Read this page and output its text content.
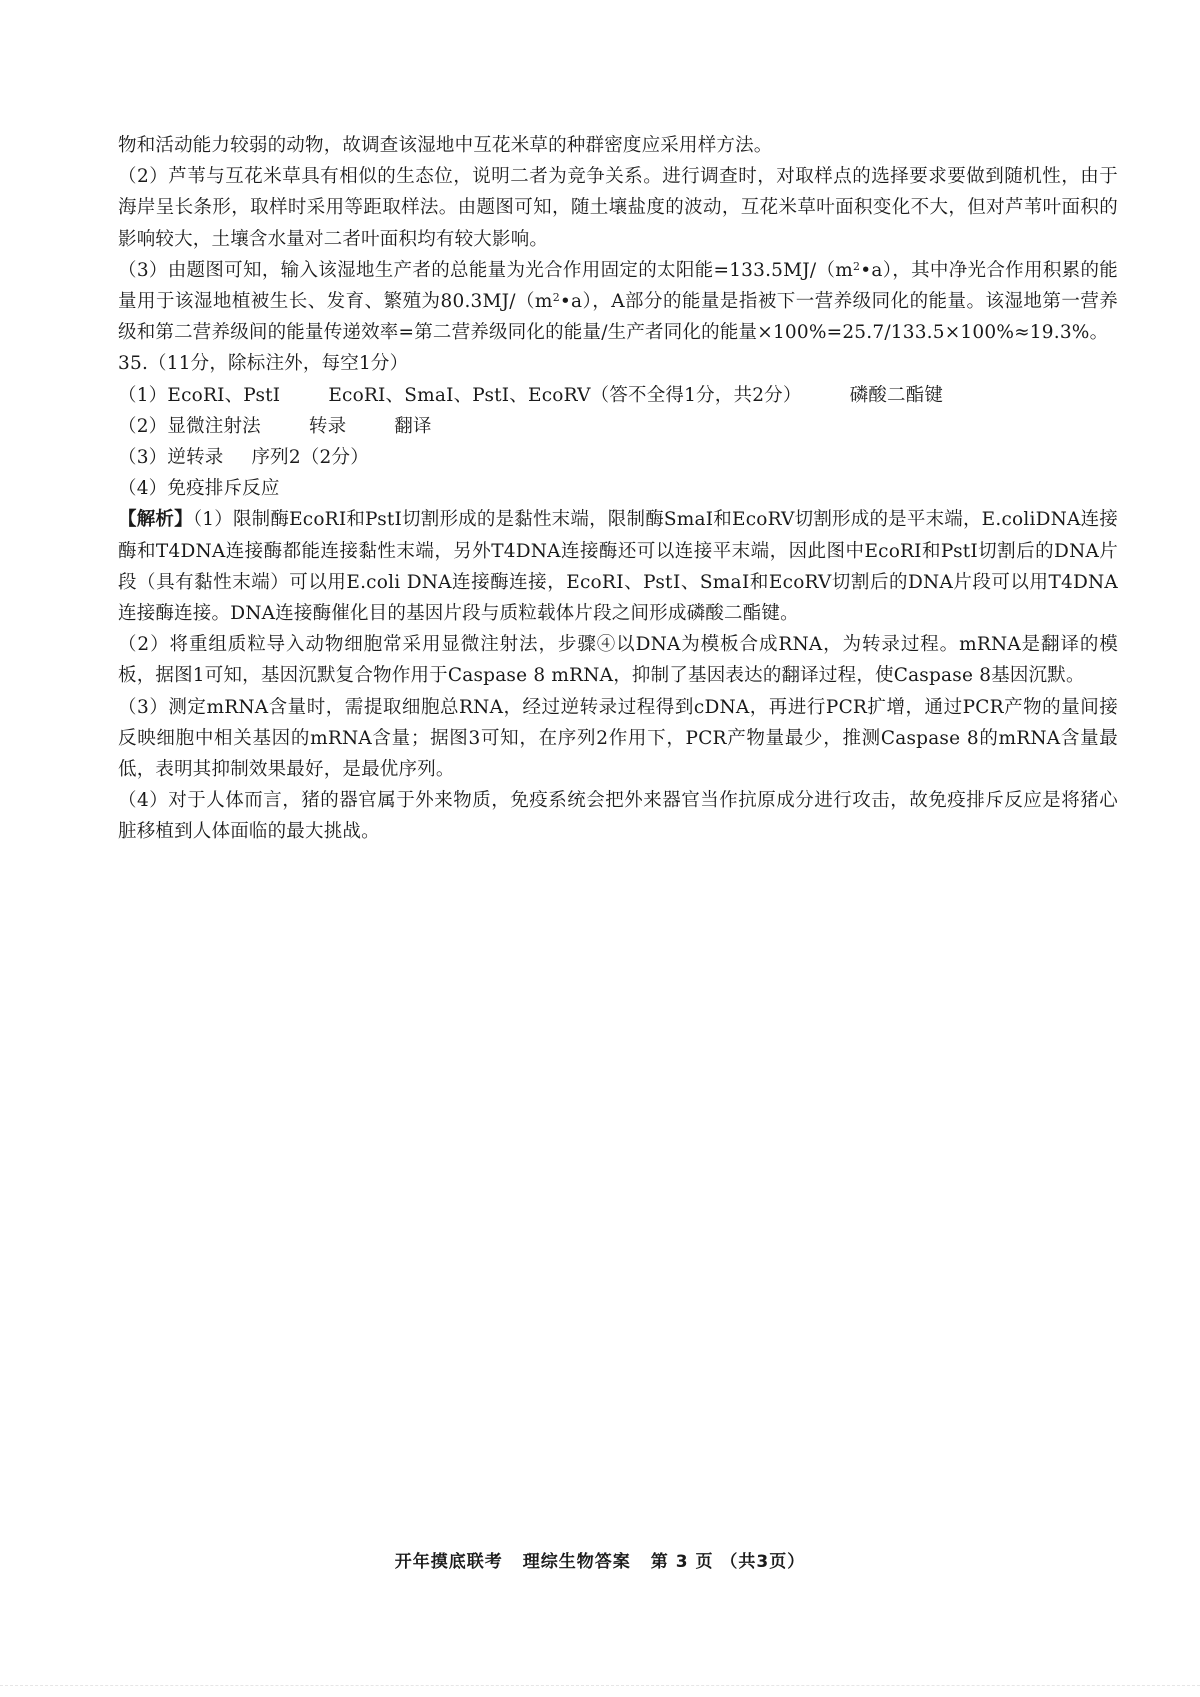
物和活动能力较弱的动物，故调查该湿地中互花米草的种群密度应采用样方法。

（2）芦苇与互花米草具有相似的生态位，说明二者为竞争关系。进行调查时，对取样点的选择要求要做到随机性，由于海岸呈长条形，取样时采用等距取样法。由题图可知，随土壤盐度的波动，互花米草叶面积变化不大，但对芦苇叶面积的影响较大，土壤含水量对二者叶面积均有较大影响。

（3）由题图可知，输入该湿地生产者的总能量为光合作用固定的太阳能$=133.5MJ/(m^2•a)$，其中净光合作用积累的能量用于该湿地植被生长、发育、繁殖为$80.3MJ/(m^2•a)$，A部分的能量是指被下一营养级同化的能量。该湿地第一营养级和第二营养级间的能量传递效率=第二营养级同化的能量/生产者同化的能量×100%=25.7/133.5×100%≈19.3%。

35.（11分，除标注外，每空1分）

（1）EcoRI、PstI	EcoRI、SmaI、PstⅠ、EcoRV（答不全得1分，共2分）	磷酸二酯键

（2）显微注射法	转录	翻译

（3）逆转录 序列2（2分）

（4）免疫排斥反应

【解析】（1）限制酶EcoRⅠ和PstⅠ切割形成的是黏性末端，限制酶SmaⅠ和EcoRV切割形成的是平末端，E.coliDNA连接酶和T4DNA连接酶都能连接黏性末端，另外T4DNA连接酶还可以连接平末端，因此图中EcoRI和PstI切割后的DNA片段（具有黏性末端）可以用E.coli DNA连接酶连接，EcoRⅠ、PstⅠ、SmaⅠ和EcoRV切割后的DNA片段可以用T4DNA连接酶连接。DNA连接酶催化目的基因片段与质粒载体片段之间形成磷酸二酯键。

（2）将重组质粒导入动物细胞常采用显微注射法，步骤④以DNA为模板合成RNA，为转录过程。mRNA是翻译的模板，据图1可知，基因沉默复合物作用于Caspase 8 mRNA，抑制了基因表达的翻译过程，使Caspase 8基因沉默。

（3）测定mRNA含量时，需提取细胞总RNA，经过逆转录过程得到cDNA，再进行PCR扩增，通过PCR产物的量间接反映细胞中相关基因的mRNA含量；据图3可知，在序列2作用下，PCR产物量最少，推测Caspase 8的mRNA含量最低，表明其抑制效果最好，是最优序列。

（4）对于人体而言，猪的器官属于外来物质，免疫系统会把外来器官当作抗原成分进行攻击，故免疫排斥反应是将猪心脏移植到人体面临的最大挑战。

开年摸底联考 理综生物答案 第 3 页 （共3页）
